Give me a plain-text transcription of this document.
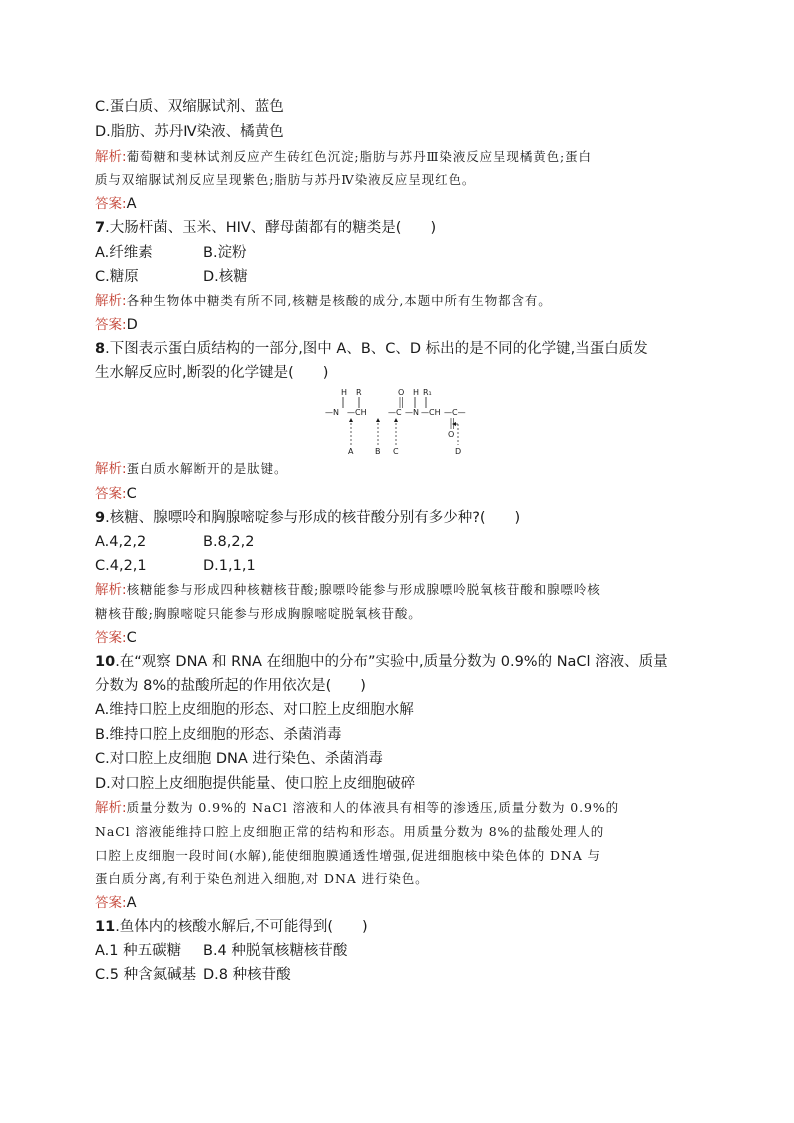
C.蛋白质、双缩脲试剂、蓝色
D.脂肪、苏丹Ⅳ染液、橘黄色
解析:葡萄糖和斐林试剂反应产生砖红色沉淀;脂肪与苏丹Ⅲ染液反应呈现橘黄色;蛋白
质与双缩脲试剂反应呈现紫色;脂肪与苏丹Ⅳ染液反应呈现红色。
答案:A
7.大肠杆菌、玉米、HIV、酵母菌都有的糖类是(　　)
A.纤维素	B.淀粉
C.糖原	D.核糖
解析:各种生物体中糖类有所不同,核糖是核酸的成分,本题中所有生物都含有。
答案:D
8.下图表示蛋白质结构的一部分,图中 A、B、C、D 标出的是不同的化学键,当蛋白质发
生水解反应时,断裂的化学键是(　　)
H R	O H R₁
—N —CH	—C —N —CH —C—
O
A	B C	D
解析:蛋白质水解断开的是肽键。
答案:C
9.核糖、腺嘌呤和胸腺嘧啶参与形成的核苷酸分别有多少种?(　　)
A.4,2,2	B.8,2,2
C.4,2,1	D.1,1,1
解析:核糖能参与形成四种核糖核苷酸;腺嘌呤能参与形成腺嘌呤脱氧核苷酸和腺嘌呤核
糖核苷酸;胸腺嘧啶只能参与形成胸腺嘧啶脱氧核苷酸。
答案:C
10.在“观察 DNA 和 RNA 在细胞中的分布”实验中,质量分数为 0.9%的 NaCl 溶液、质量
分数为 8%的盐酸所起的作用依次是(　　)
A.维持口腔上皮细胞的形态、对口腔上皮细胞水解
B.维持口腔上皮细胞的形态、杀菌消毒
C.对口腔上皮细胞 DNA 进行染色、杀菌消毒
D.对口腔上皮细胞提供能量、使口腔上皮细胞破碎
解析:质量分数为 0.9%的 NaCl 溶液和人的体液具有相等的渗透压,质量分数为 0.9%的
NaCl 溶液能维持口腔上皮细胞正常的结构和形态。用质量分数为 8%的盐酸处理人的
口腔上皮细胞一段时间(水解),能使细胞膜通透性增强,促进细胞核中染色体的 DNA 与
蛋白质分离,有利于染色剂进入细胞,对 DNA 进行染色。
答案:A
11.鱼体内的核酸水解后,不可能得到(　　)
A.1 种五碳糖 B.4 种脱氧核糖核苷酸
C.5 种含氮碱基 D.8 种核苷酸
